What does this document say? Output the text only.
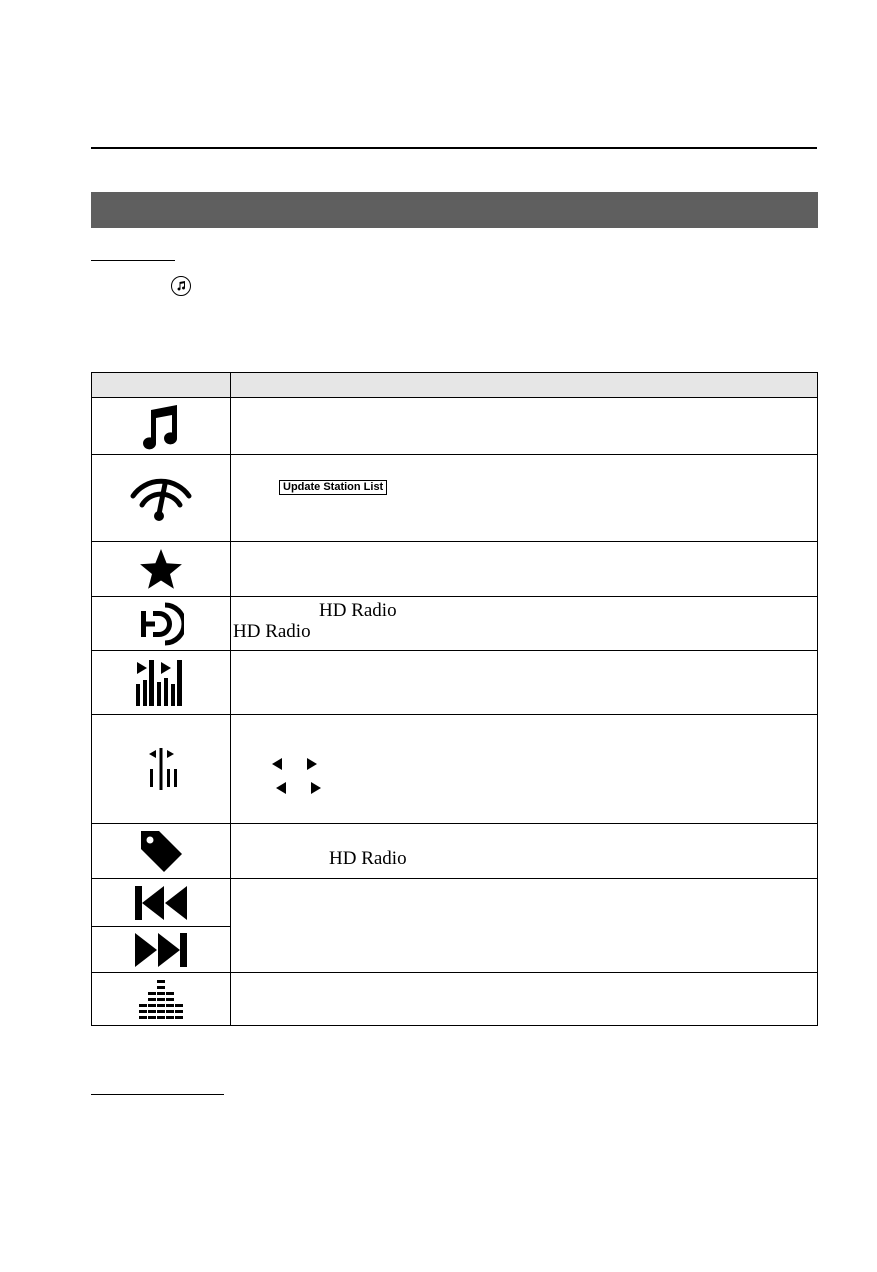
Update Station List

HD Radio
HD Radio

HD Radio
